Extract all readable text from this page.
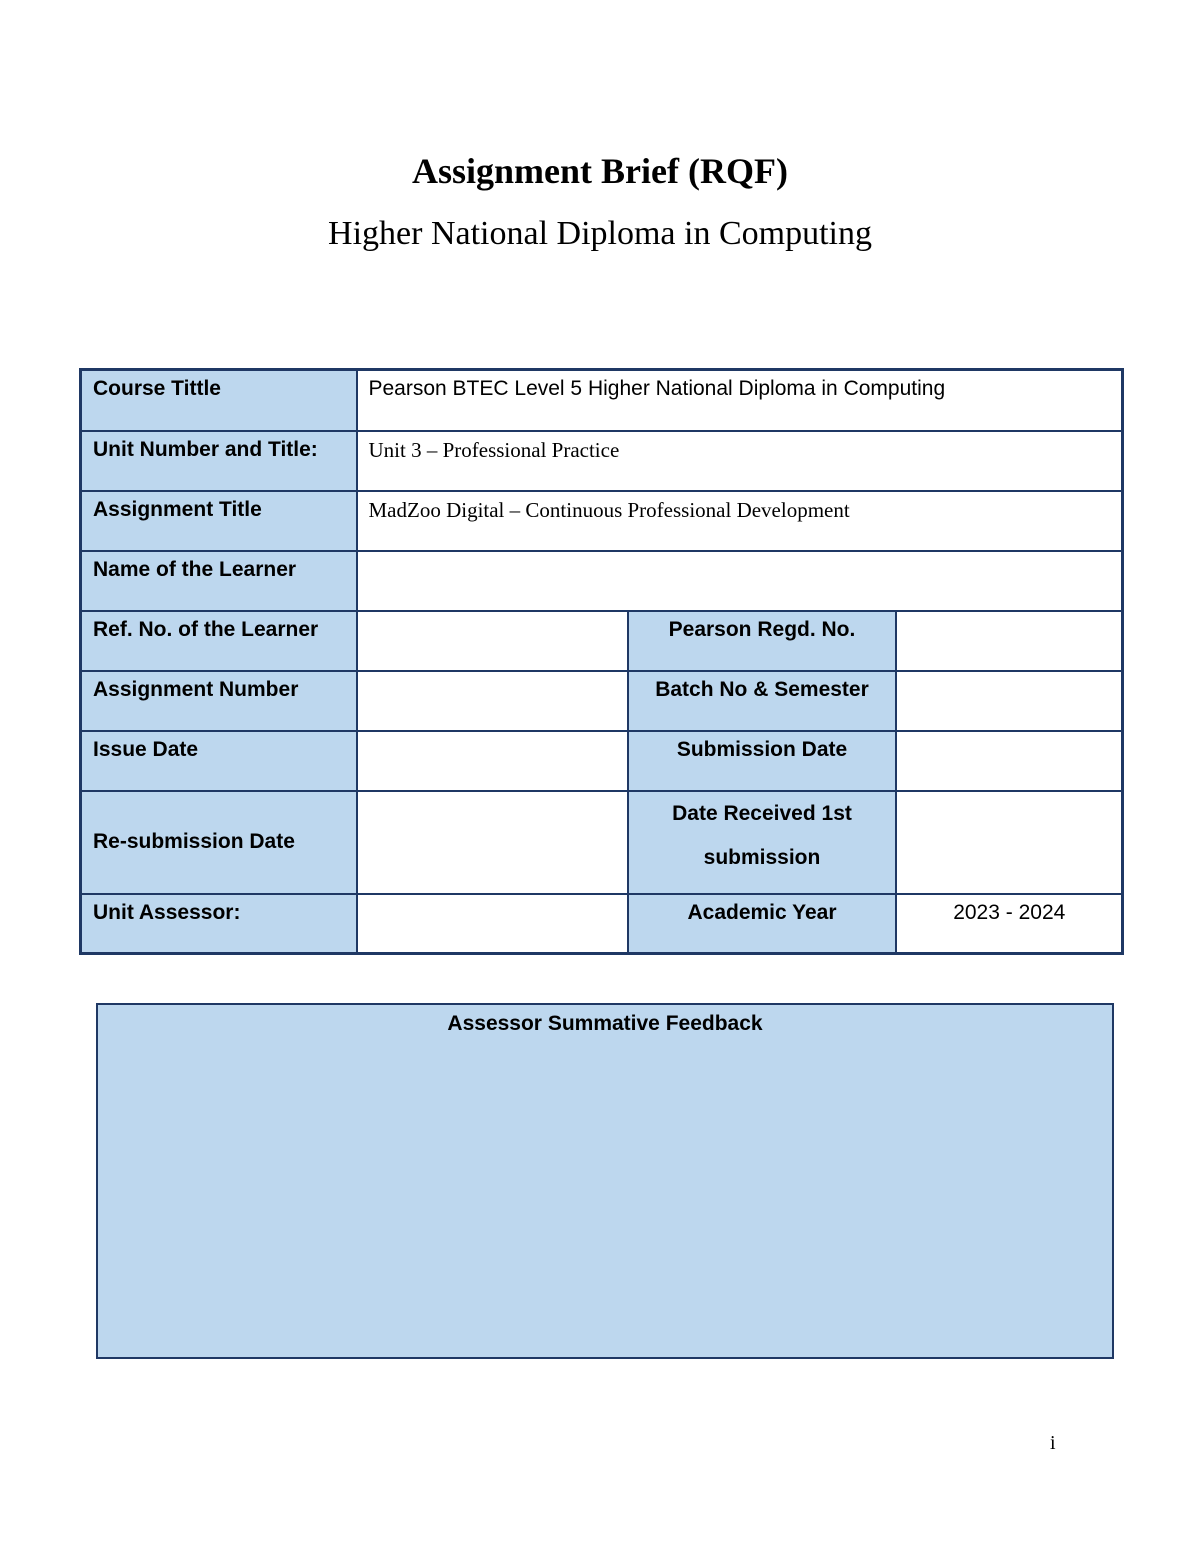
Assignment Brief (RQF)
Higher National Diploma in Computing
Course Tittle	Pearson BTEC Level 5 Higher National Diploma in Computing		
Unit Number and Title:	Unit 3 – Professional Practice		
Assignment Title	MadZoo Digital – Continuous Professional Development		
Name of the Learner			
Ref. No. of the Learner		Pearson Regd. No.	
Assignment Number		Batch No & Semester	
Issue Date		Submission Date	
Re-submission Date		Date Received 1st
submission	
Unit Assessor:		Academic Year	2023 - 2024
Assessor Summative Feedback
i
